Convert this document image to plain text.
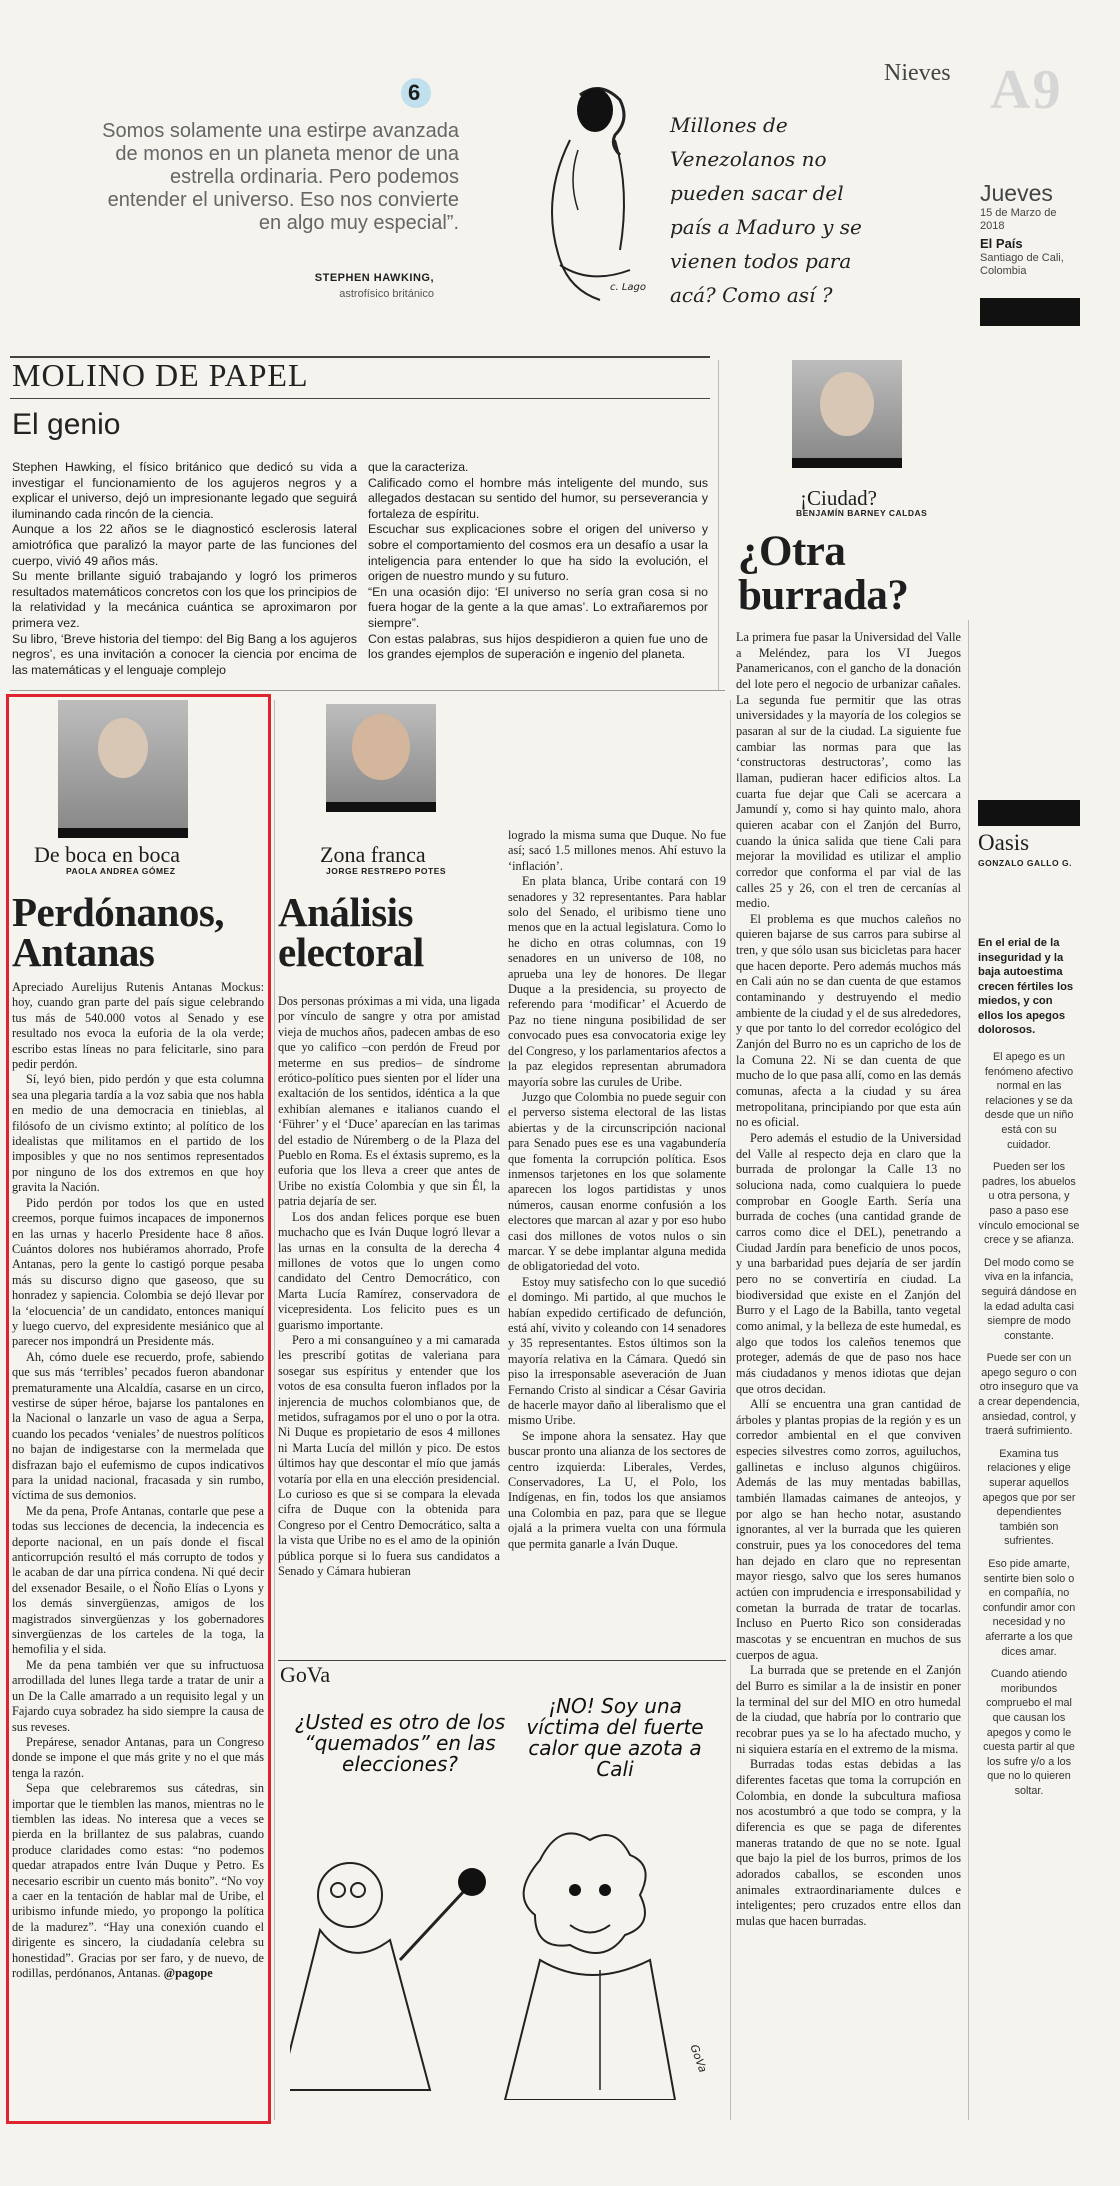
6
Somos solamente una estirpe avanzada de monos en un planeta menor de una estrella ordinaria. Pero podemos entender el universo. Eso nos convierte en algo muy especial”.
STEPHEN HAWKING,
astrofísico británico
Millones de Venezolanos no pueden sacar del país a Maduro y se vienen todos para acá? Como así ?
c. Lago
Nieves A9
Jueves
15 de Marzo de 2018
El País
Santiago de Cali, Colombia
MOLINO DE PAPEL
El genio

Stephen Hawking, el físico británico que dedicó su vida a investigar el funcionamiento de los agujeros negros y a explicar el universo, dejó un impresionante legado que seguirá iluminando cada rincón de la ciencia.

Aunque a los 22 años se le diagnosticó esclerosis lateral amiotrófica que paralizó la mayor parte de las funciones del cuerpo, vivió 49 años más.

Su mente brillante siguió trabajando y logró los primeros resultados matemáticos concretos con los que los principios de la relatividad y la mecánica cuántica se aproximaron por primera vez.

Su libro, ‘Breve historia del tiempo: del Big Bang a los agujeros negros’, es una invitación a conocer la ciencia por encima de las matemáticas y el lenguaje complejo

que la caracteriza.

Calificado como el hombre más inteligente del mundo, sus allegados destacan su sentido del humor, su perseverancia y fortaleza de espíritu.

Escuchar sus explicaciones sobre el origen del universo y sobre el comportamiento del cosmos era un desafío a usar la inteligencia para entender lo que ha sido la evolución, el origen de nuestro mundo y su futuro.

“En una ocasión dijo: ‘El universo no sería gran cosa si no fuera hogar de la gente a la que amas’. Lo extrañaremos por siempre”.

Con estas palabras, sus hijos despidieron a quien fue uno de los grandes ejemplos de superación e ingenio del planeta.

¡Ciudad?
BENJAMÍN BARNEY CALDAS
¿Otra burrada?

La primera fue pasar la Universidad del Valle a Meléndez, para los VI Juegos Panamericanos, con el gancho de la donación del lote pero el negocio de urbanizar cañales. La segunda fue permitir que las otras universidades y la mayoría de los colegios se pasaran al sur de la ciudad. La siguiente fue cambiar las normas para que las ‘constructoras destructoras’, como las llaman, pudieran hacer edificios altos. La cuarta fue dejar que Cali se acercara a Jamundí y, como si hay quinto malo, ahora quieren acabar con el Zanjón del Burro, cuando la única salida que tiene Cali para mejorar la movilidad es utilizar el amplio corredor que conforma el par vial de las calles 25 y 26, con el tren de cercanías al medio.

El problema es que muchos caleños no quieren bajarse de sus carros para subirse al tren, y que sólo usan sus bicicletas para hacer que hacen deporte. Pero además muchos más en Cali aún no se dan cuenta de que estamos contaminando y destruyendo el medio ambiente de la ciudad y el de sus alrededores, y que por tanto lo del corredor ecológico del Zanjón del Burro no es un capricho de los de la Comuna 22. Ni se dan cuenta de que mucho de lo que pasa allí, como en las demás comunas, afecta a la ciudad y su área metropolitana, principiando por que esta aún no es oficial.

Pero además el estudio de la Universidad del Valle al respecto deja en claro que la burrada de prolongar la Calle 13 no soluciona nada, como cualquiera lo puede comprobar en Google Earth. Sería una burrada de coches (una cantidad grande de carros como dice el DEL), penetrando a Ciudad Jardín para beneficio de unos pocos, y una barbaridad pues dejaría de ser jardín pero no se convertiría en ciudad. La biodiversidad que existe en el Zanjón del Burro y el Lago de la Babilla, tanto vegetal como animal, y la belleza de este humedal, es algo que todos los caleños tenemos que proteger, además de que de paso nos hace más ciudadanos y menos idiotas que dejan que otros decidan.

Allí se encuentra una gran cantidad de árboles y plantas propias de la región y es un corredor ambiental en el que conviven especies silvestres como zorros, aguiluchos, gallinetas e incluso algunos chigüiros. Además de las muy mentadas babillas, también llamadas caimanes de anteojos, y por algo se han hecho notar, asustando ignorantes, al ver la burrada que les quieren construir, pues ya los conocedores del tema han dejado en claro que no representan mayor riesgo, salvo que los seres humanos actúen con imprudencia e irresponsabilidad y cometan la burrada de tratar de tocarlas. Incluso en Puerto Rico son consideradas mascotas y se encuentran en muchos de sus cuerpos de agua.

La burrada que se pretende en el Zanjón del Burro es similar a la de insistir en poner la terminal del sur del MIO en otro humedal de la ciudad, que habría por lo contrario que recobrar pues ya se lo ha afectado mucho, y ni siquiera estaría en el extremo de la misma.

Burradas todas estas debidas a las diferentes facetas que toma la corrupción en Colombia, en donde la subcultura mafiosa nos acostumbró a que todo se compra, y la diferencia es que se paga de diferentes maneras tratando de que no se note. Igual que bajo la piel de los burros, primos de los adorados caballos, se esconden unos animales extraordinariamente dulces e inteligentes; pero cruzados entre ellos dan mulas que hacen burradas.

Oasis
GONZALO GALLO G.
En el erial de la inseguridad y la baja autoestima crecen fértiles los miedos, y con ellos los apegos dolorosos.

El apego es un fenómeno afectivo normal en las relaciones y se da desde que un niño está con su cuidador.

Pueden ser los padres, los abuelos u otra persona, y paso a paso ese vínculo emocional se crece y se afianza.

Del modo como se viva en la infancia, seguirá dándose en la edad adulta casi siempre de modo constante.

Puede ser con un apego seguro o con otro inseguro que va a crear dependencia, ansiedad, control, y traerá sufrimiento.

Examina tus relaciones y elige superar aquellos apegos que por ser dependientes también son sufrientes.

Eso pide amarte, sentirte bien solo o en compañía, no confundir amor con necesidad y no aferrarte a los que dices amar.

Cuando atiendo moribundos compruebo el mal que causan los apegos y como le cuesta partir al que los sufre y/o a los que no lo quieren soltar.

De boca en boca
PAOLA ANDREA GÓMEZ
Perdónanos, Antanas

Apreciado Aurelijus Rutenis Antanas Mockus: hoy, cuando gran parte del país sigue celebrando tus más de 540.000 votos al Senado y ese resultado nos evoca la euforia de la ola verde; escribo estas líneas no para felicitarle, sino para pedir perdón.

Sí, leyó bien, pido perdón y que esta columna sea una plegaria tardía a la voz sabia que nos habla en medio de una democracia en tinieblas, al filósofo de un civismo extinto; al político de los idealistas que militamos en el partido de los imposibles y que no nos sentimos representados por ninguno de los dos extremos en que hoy gravita la Nación.

Pido perdón por todos los que en usted creemos, porque fuimos incapaces de imponernos en las urnas y hacerlo Presidente hace 8 años. Cuántos dolores nos hubiéramos ahorrado, Profe Antanas, pero la gente lo castigó porque pesaba más su discurso digno que gaseoso, que su honradez y sapiencia. Colombia se dejó llevar por la ‘elocuencia’ de un candidato, entonces maniquí y luego cuervo, del expresidente mesiánico que al parecer nos impondrá un Presidente más.

Ah, cómo duele ese recuerdo, profe, sabiendo que sus más ‘terribles’ pecados fueron abandonar prematuramente una Alcaldía, casarse en un circo, vestirse de súper héroe, bajarse los pantalones en la Nacional o lanzarle un vaso de agua a Serpa, cuando los pecados ‘veniales’ de nuestros políticos no bajan de indigestarse con la mermelada que disfrazan bajo el eufemismo de cupos indicativos para la unidad nacional, fracasada y sin rumbo, víctima de sus demonios.

Me da pena, Profe Antanas, contarle que pese a todas sus lecciones de decencia, la indecencia es deporte nacional, en un país donde el fiscal anticorrupción resultó el más corrupto de todos y le acaban de dar una pírrica condena. Ni qué decir del exsenador Besaile, o el Ñoño Elías o Lyons y los demás sinvergüenzas, amigos de los magistrados sinvergüenzas y los gobernadores sinvergüenzas de los carteles de la toga, la hemofilia y el sida.

Me da pena también ver que su infructuosa arrodillada del lunes llega tarde a tratar de unir a un De la Calle amarrado a un requisito legal y un Fajardo cuya sobradez ha sido siempre la causa de sus reveses.

Prepárese, senador Antanas, para un Congreso donde se impone el que más grite y no el que más tenga la razón.

Sepa que celebraremos sus cátedras, sin importar que le tiemblen las manos, mientras no le tiemblen las ideas. No interesa que a veces se pierda en la brillantez de sus palabras, cuando produce claridades como estas: “no podemos quedar atrapados entre Iván Duque y Petro. Es necesario escribir un cuento más bonito”. “No voy a caer en la tentación de hablar mal de Uribe, el uribismo infunde miedo, yo propongo la política de la madurez”. “Hay una conexión cuando el dirigente es sincero, la ciudadanía celebra su honestidad”. Gracias por ser faro, y de nuevo, de rodillas, perdónanos, Antanas. @pagope

Zona franca
JORGE RESTREPO POTES
Análisis electoral

Dos personas próximas a mi vida, una ligada por vínculo de sangre y otra por amistad vieja de muchos años, padecen ambas de eso que yo califico –con perdón de Freud por meterme en sus predios– de síndrome erótico-político pues sienten por el líder una exaltación de los sentidos, idéntica a la que exhibían alemanes e italianos cuando el ‘Führer’ y el ‘Duce’ aparecían en las tarimas del estadio de Núremberg o de la Plaza del Pueblo en Roma. Es el éxtasis supremo, es la euforia que los lleva a creer que antes de Uribe no existía Colombia y que sin Él, la patria dejaría de ser.

Los dos andan felices porque ese buen muchacho que es Iván Duque logró llevar a las urnas en la consulta de la derecha 4 millones de votos que lo ungen como candidato del Centro Democrático, con Marta Lucía Ramírez, conservadora de vicepresidenta. Los felicito pues es un guarismo importante.

Pero a mi consanguíneo y a mi camarada les prescribí gotitas de valeriana para sosegar sus espíritus y entender que los votos de esa consulta fueron inflados por la injerencia de muchos colombianos que, de metidos, sufragamos por el uno o por la otra. Ni Duque es propietario de esos 4 millones ni Marta Lucía del millón y pico. De estos últimos hay que descontar el mío que jamás votaría por ella en una elección presidencial. Lo curioso es que si se compara la elevada cifra de Duque con la obtenida para Congreso por el Centro Democrático, salta a la vista que Uribe no es el amo de la opinión pública porque si lo fuera sus candidatos a Senado y Cámara hubieran

logrado la misma suma que Duque. No fue así; sacó 1.5 millones menos. Ahí estuvo la ‘inflación’.

En plata blanca, Uribe contará con 19 senadores y 32 representantes. Para hablar solo del Senado, el uribismo tiene uno menos que en la actual legislatura. Como lo he dicho en otras columnas, con 19 senadores en un universo de 108, no aprueba una ley de honores. De llegar Duque a la presidencia, su proyecto de referendo para ‘modificar’ el Acuerdo de Paz no tiene ninguna posibilidad de ser convocado pues esa convocatoria exige ley del Congreso, y los parlamentarios afectos a la paz elegidos representan abrumadora mayoría sobre las curules de Uribe.

Juzgo que Colombia no puede seguir con el perverso sistema electoral de las listas abiertas y de la circunscripción nacional para Senado pues ese es una vagabundería que fomenta la corrupción política. Esos inmensos tarjetones en los que solamente aparecen los logos partidistas y unos números, causan enorme confusión a los electores que marcan al azar y por eso hubo casi dos millones de votos nulos o sin marcar. Y se debe implantar alguna medida de obligatoriedad del voto.

Estoy muy satisfecho con lo que sucedió el domingo. Mi partido, al que muchos le habían expedido certificado de defunción, está ahí, vivito y coleando con 14 senadores y 35 representantes. Estos últimos son la mayoría relativa en la Cámara. Quedó sin piso la irresponsable aseveración de Juan Fernando Cristo al sindicar a César Gaviria de hacerle mayor daño al liberalismo que el mismo Uribe.

Se impone ahora la sensatez. Hay que buscar pronto una alianza de los sectores de centro izquierda: Liberales, Verdes, Conservadores, La U, el Polo, los Indígenas, en fin, todos los que ansiamos una Colombia en paz, para que se llegue ojalá a la primera vuelta con una fórmula que permita ganarle a Iván Duque.

GoVa
¿Usted es otro de los “quemados” en las elecciones?
¡NO! Soy una víctima del fuerte calor que azota a Cali
GoVa
